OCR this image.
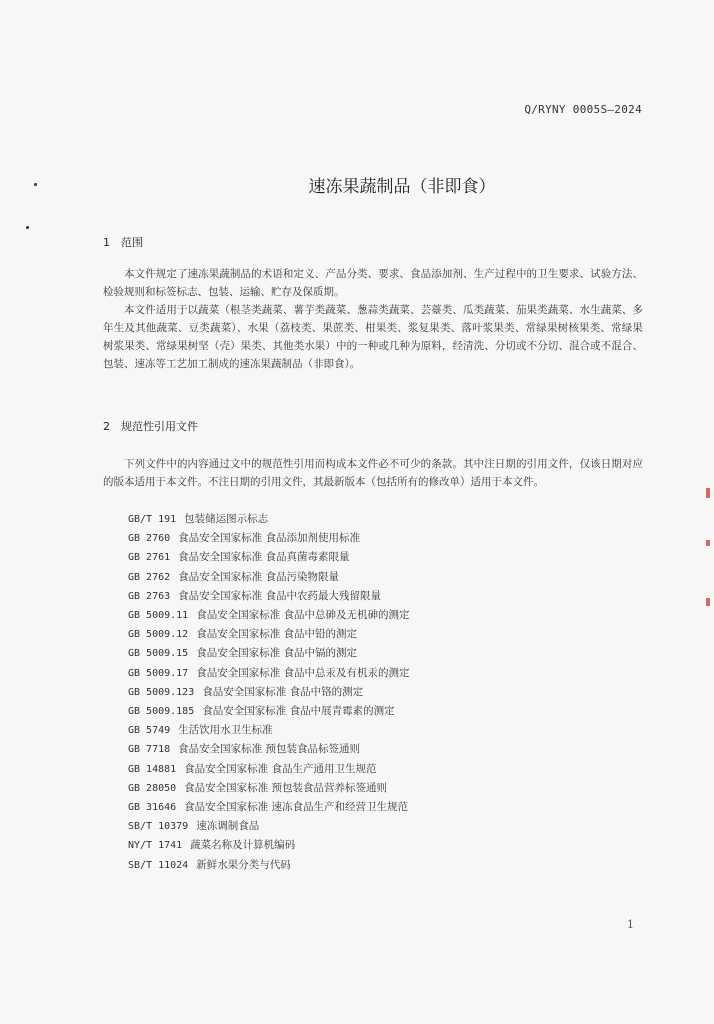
Q/RYNY 0005S—2024
速冻果蔬制品（非即食）
1 范围
本文件规定了速冻果蔬制品的术语和定义、产品分类、要求、食品添加剂、生产过程中的卫生要求、试验方法、检验规则和标签标志、包装、运输、贮存及保质期。
本文件适用于以蔬菜（根茎类蔬菜、薯芋类蔬菜、葱蒜类蔬菜、芸薹类、瓜类蔬菜、茄果类蔬菜、水生蔬菜、多年生及其他蔬菜、豆类蔬菜）、水果（荔枝类、果蔗类、柑果类、浆复果类、落叶浆果类、常绿果树核果类、常绿果树浆果类、常绿果树坚（壳）果类、其他类水果）中的一种或几种为原料，经清洗、分切或不分切、混合或不混合、包装、速冻等工艺加工制成的速冻果蔬制品（非即食）。
2 规范性引用文件
下列文件中的内容通过文中的规范性引用而构成本文件必不可少的条款。其中注日期的引用文件，仅该日期对应的版本适用于本文件。不注日期的引用文件，其最新版本（包括所有的修改单）适用于本文件。
GB/T 191 包装储运图示标志
GB 2760 食品安全国家标准 食品添加剂使用标准
GB 2761 食品安全国家标准 食品真菌毒素限量
GB 2762 食品安全国家标准 食品污染物限量
GB 2763 食品安全国家标准 食品中农药最大残留限量
GB 5009.11 食品安全国家标准 食品中总砷及无机砷的测定
GB 5009.12 食品安全国家标准 食品中铅的测定
GB 5009.15 食品安全国家标准 食品中镉的测定
GB 5009.17 食品安全国家标准 食品中总汞及有机汞的测定
GB 5009.123 食品安全国家标准 食品中铬的测定
GB 5009.185 食品安全国家标准 食品中展青霉素的测定
GB 5749 生活饮用水卫生标准
GB 7718 食品安全国家标准 预包装食品标签通则
GB 14881 食品安全国家标准 食品生产通用卫生规范
GB 28050 食品安全国家标准 预包装食品营养标签通则
GB 31646 食品安全国家标准 速冻食品生产和经营卫生规范
SB/T 10379 速冻调制食品
NY/T 1741 蔬菜名称及计算机编码
SB/T 11024 新鲜水果分类与代码
1
